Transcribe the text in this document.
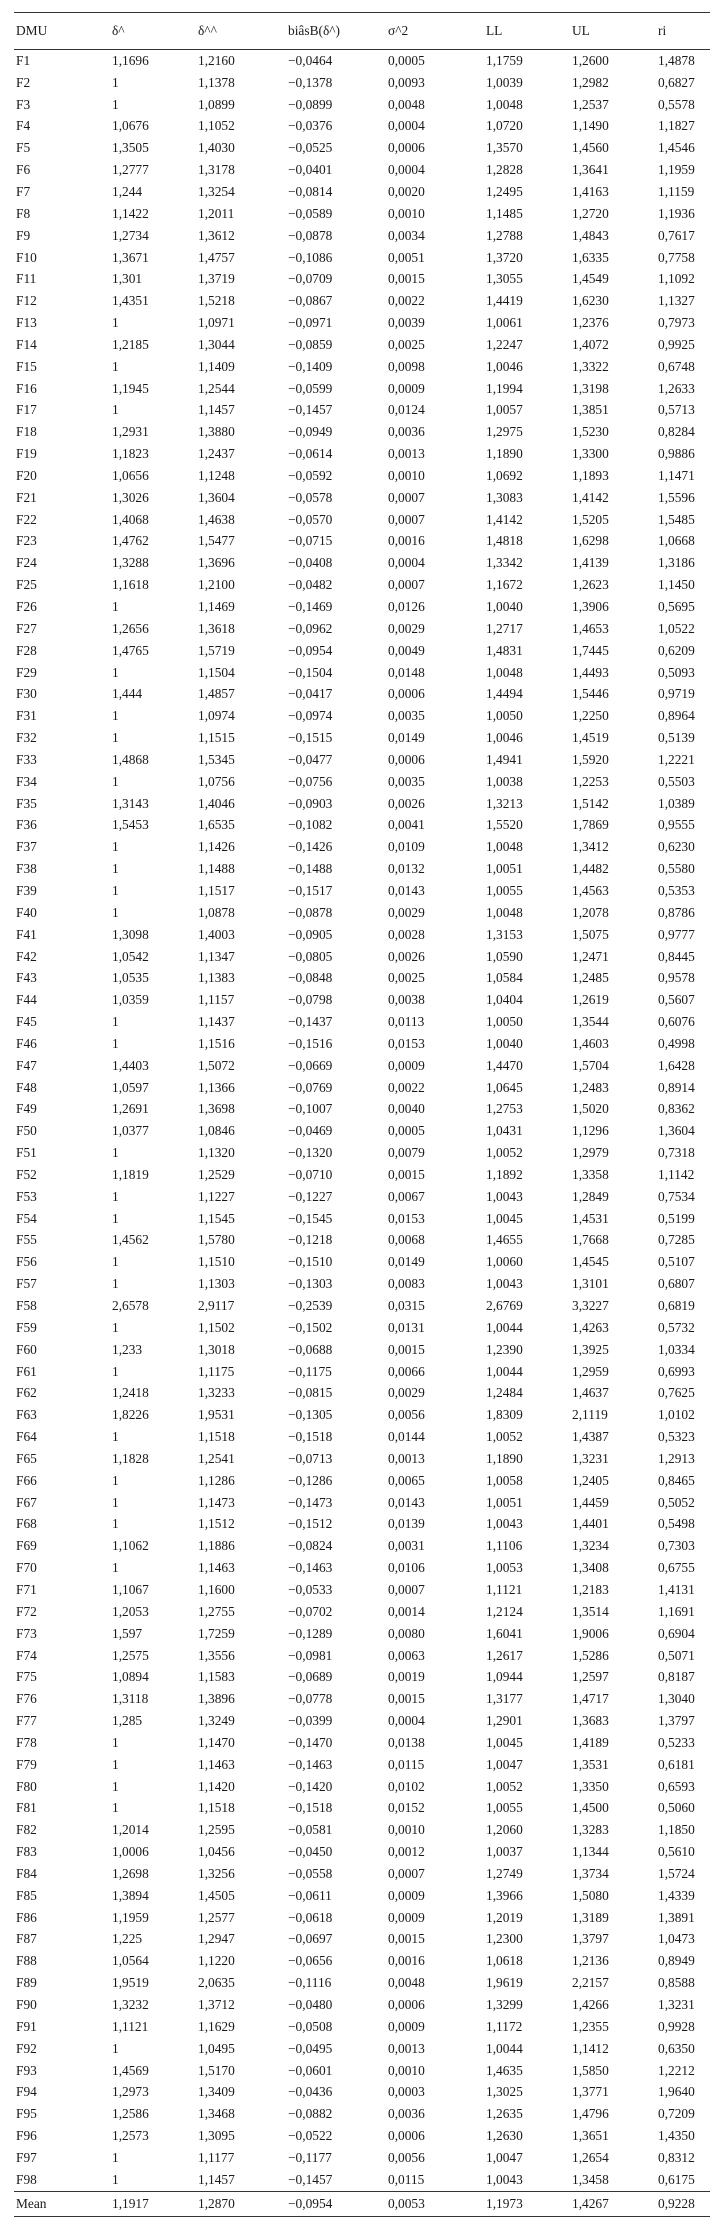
DMU	δ^	δ^^	biâsB(δ^)	σ^2	LL	UL	ri
F1	1,1696	1,2160	−0,0464	0,0005	1,1759	1,2600	1,4878
F2	1	1,1378	−0,1378	0,0093	1,0039	1,2982	0,6827
F3	1	1,0899	−0,0899	0,0048	1,0048	1,2537	0,5578
F4	1,0676	1,1052	−0,0376	0,0004	1,0720	1,1490	1,1827
F5	1,3505	1,4030	−0,0525	0,0006	1,3570	1,4560	1,4546
F6	1,2777	1,3178	−0,0401	0,0004	1,2828	1,3641	1,1959
F7	1,244	1,3254	−0,0814	0,0020	1,2495	1,4163	1,1159
F8	1,1422	1,2011	−0,0589	0,0010	1,1485	1,2720	1,1936
F9	1,2734	1,3612	−0,0878	0,0034	1,2788	1,4843	0,7617
F10	1,3671	1,4757	−0,1086	0,0051	1,3720	1,6335	0,7758
F11	1,301	1,3719	−0,0709	0,0015	1,3055	1,4549	1,1092
F12	1,4351	1,5218	−0,0867	0,0022	1,4419	1,6230	1,1327
F13	1	1,0971	−0,0971	0,0039	1,0061	1,2376	0,7973
F14	1,2185	1,3044	−0,0859	0,0025	1,2247	1,4072	0,9925
F15	1	1,1409	−0,1409	0,0098	1,0046	1,3322	0,6748
F16	1,1945	1,2544	−0,0599	0,0009	1,1994	1,3198	1,2633
F17	1	1,1457	−0,1457	0,0124	1,0057	1,3851	0,5713
F18	1,2931	1,3880	−0,0949	0,0036	1,2975	1,5230	0,8284
F19	1,1823	1,2437	−0,0614	0,0013	1,1890	1,3300	0,9886
F20	1,0656	1,1248	−0,0592	0,0010	1,0692	1,1893	1,1471
F21	1,3026	1,3604	−0,0578	0,0007	1,3083	1,4142	1,5596
F22	1,4068	1,4638	−0,0570	0,0007	1,4142	1,5205	1,5485
F23	1,4762	1,5477	−0,0715	0,0016	1,4818	1,6298	1,0668
F24	1,3288	1,3696	−0,0408	0,0004	1,3342	1,4139	1,3186
F25	1,1618	1,2100	−0,0482	0,0007	1,1672	1,2623	1,1450
F26	1	1,1469	−0,1469	0,0126	1,0040	1,3906	0,5695
F27	1,2656	1,3618	−0,0962	0,0029	1,2717	1,4653	1,0522
F28	1,4765	1,5719	−0,0954	0,0049	1,4831	1,7445	0,6209
F29	1	1,1504	−0,1504	0,0148	1,0048	1,4493	0,5093
F30	1,444	1,4857	−0,0417	0,0006	1,4494	1,5446	0,9719
F31	1	1,0974	−0,0974	0,0035	1,0050	1,2250	0,8964
F32	1	1,1515	−0,1515	0,0149	1,0046	1,4519	0,5139
F33	1,4868	1,5345	−0,0477	0,0006	1,4941	1,5920	1,2221
F34	1	1,0756	−0,0756	0,0035	1,0038	1,2253	0,5503
F35	1,3143	1,4046	−0,0903	0,0026	1,3213	1,5142	1,0389
F36	1,5453	1,6535	−0,1082	0,0041	1,5520	1,7869	0,9555
F37	1	1,1426	−0,1426	0,0109	1,0048	1,3412	0,6230
F38	1	1,1488	−0,1488	0,0132	1,0051	1,4482	0,5580
F39	1	1,1517	−0,1517	0,0143	1,0055	1,4563	0,5353
F40	1	1,0878	−0,0878	0,0029	1,0048	1,2078	0,8786
F41	1,3098	1,4003	−0,0905	0,0028	1,3153	1,5075	0,9777
F42	1,0542	1,1347	−0,0805	0,0026	1,0590	1,2471	0,8445
F43	1,0535	1,1383	−0,0848	0,0025	1,0584	1,2485	0,9578
F44	1,0359	1,1157	−0,0798	0,0038	1,0404	1,2619	0,5607
F45	1	1,1437	−0,1437	0,0113	1,0050	1,3544	0,6076
F46	1	1,1516	−0,1516	0,0153	1,0040	1,4603	0,4998
F47	1,4403	1,5072	−0,0669	0,0009	1,4470	1,5704	1,6428
F48	1,0597	1,1366	−0,0769	0,0022	1,0645	1,2483	0,8914
F49	1,2691	1,3698	−0,1007	0,0040	1,2753	1,5020	0,8362
F50	1,0377	1,0846	−0,0469	0,0005	1,0431	1,1296	1,3604
F51	1	1,1320	−0,1320	0,0079	1,0052	1,2979	0,7318
F52	1,1819	1,2529	−0,0710	0,0015	1,1892	1,3358	1,1142
F53	1	1,1227	−0,1227	0,0067	1,0043	1,2849	0,7534
F54	1	1,1545	−0,1545	0,0153	1,0045	1,4531	0,5199
F55	1,4562	1,5780	−0,1218	0,0068	1,4655	1,7668	0,7285
F56	1	1,1510	−0,1510	0,0149	1,0060	1,4545	0,5107
F57	1	1,1303	−0,1303	0,0083	1,0043	1,3101	0,6807
F58	2,6578	2,9117	−0,2539	0,0315	2,6769	3,3227	0,6819
F59	1	1,1502	−0,1502	0,0131	1,0044	1,4263	0,5732
F60	1,233	1,3018	−0,0688	0,0015	1,2390	1,3925	1,0334
F61	1	1,1175	−0,1175	0,0066	1,0044	1,2959	0,6993
F62	1,2418	1,3233	−0,0815	0,0029	1,2484	1,4637	0,7625
F63	1,8226	1,9531	−0,1305	0,0056	1,8309	2,1119	1,0102
F64	1	1,1518	−0,1518	0,0144	1,0052	1,4387	0,5323
F65	1,1828	1,2541	−0,0713	0,0013	1,1890	1,3231	1,2913
F66	1	1,1286	−0,1286	0,0065	1,0058	1,2405	0,8465
F67	1	1,1473	−0,1473	0,0143	1,0051	1,4459	0,5052
F68	1	1,1512	−0,1512	0,0139	1,0043	1,4401	0,5498
F69	1,1062	1,1886	−0,0824	0,0031	1,1106	1,3234	0,7303
F70	1	1,1463	−0,1463	0,0106	1,0053	1,3408	0,6755
F71	1,1067	1,1600	−0,0533	0,0007	1,1121	1,2183	1,4131
F72	1,2053	1,2755	−0,0702	0,0014	1,2124	1,3514	1,1691
F73	1,597	1,7259	−0,1289	0,0080	1,6041	1,9006	0,6904
F74	1,2575	1,3556	−0,0981	0,0063	1,2617	1,5286	0,5071
F75	1,0894	1,1583	−0,0689	0,0019	1,0944	1,2597	0,8187
F76	1,3118	1,3896	−0,0778	0,0015	1,3177	1,4717	1,3040
F77	1,285	1,3249	−0,0399	0,0004	1,2901	1,3683	1,3797
F78	1	1,1470	−0,1470	0,0138	1,0045	1,4189	0,5233
F79	1	1,1463	−0,1463	0,0115	1,0047	1,3531	0,6181
F80	1	1,1420	−0,1420	0,0102	1,0052	1,3350	0,6593
F81	1	1,1518	−0,1518	0,0152	1,0055	1,4500	0,5060
F82	1,2014	1,2595	−0,0581	0,0010	1,2060	1,3283	1,1850
F83	1,0006	1,0456	−0,0450	0,0012	1,0037	1,1344	0,5610
F84	1,2698	1,3256	−0,0558	0,0007	1,2749	1,3734	1,5724
F85	1,3894	1,4505	−0,0611	0,0009	1,3966	1,5080	1,4339
F86	1,1959	1,2577	−0,0618	0,0009	1,2019	1,3189	1,3891
F87	1,225	1,2947	−0,0697	0,0015	1,2300	1,3797	1,0473
F88	1,0564	1,1220	−0,0656	0,0016	1,0618	1,2136	0,8949
F89	1,9519	2,0635	−0,1116	0,0048	1,9619	2,2157	0,8588
F90	1,3232	1,3712	−0,0480	0,0006	1,3299	1,4266	1,3231
F91	1,1121	1,1629	−0,0508	0,0009	1,1172	1,2355	0,9928
F92	1	1,0495	−0,0495	0,0013	1,0044	1,1412	0,6350
F93	1,4569	1,5170	−0,0601	0,0010	1,4635	1,5850	1,2212
F94	1,2973	1,3409	−0,0436	0,0003	1,3025	1,3771	1,9640
F95	1,2586	1,3468	−0,0882	0,0036	1,2635	1,4796	0,7209
F96	1,2573	1,3095	−0,0522	0,0006	1,2630	1,3651	1,4350
F97	1	1,1177	−0,1177	0,0056	1,0047	1,2654	0,8312
F98	1	1,1457	−0,1457	0,0115	1,0043	1,3458	0,6175
Mean	1,1917	1,2870	−0,0954	0,0053	1,1973	1,4267	0,9228
